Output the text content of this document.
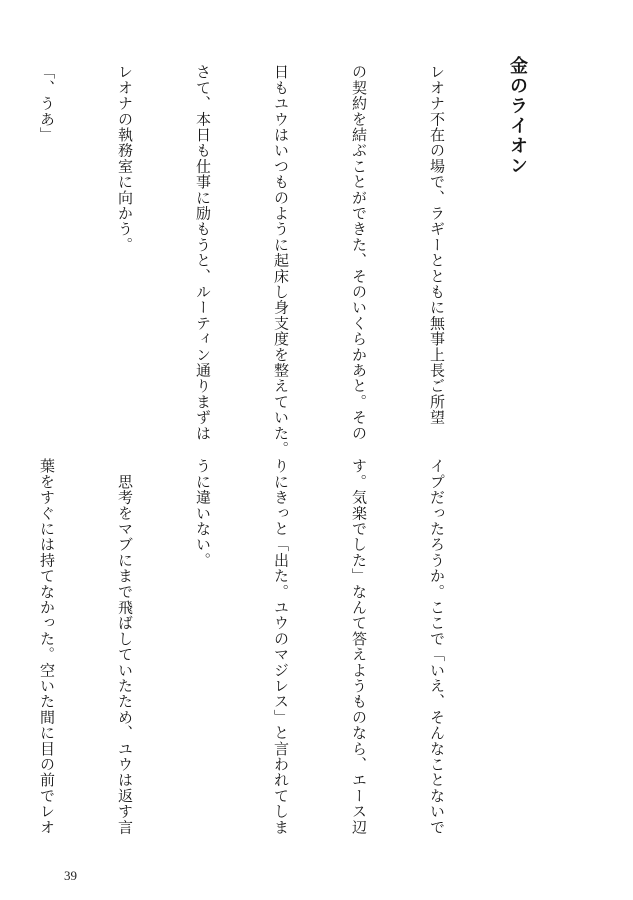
金のライオン

レオナ不在の場で、ラギーとともに無事上長ご所望

の契約を結ぶことができた、そのいくらかあと。その

日もユウはいつものように起床し身支度を整えていた。

さて、本日も仕事に励もうと、ルーティン通りまずは

レオナの執務室に向かう。

「、うあ」

イプだったろうか。ここで「いえ、そんなことないで

す。気楽でした」なんて答えようものなら、エース辺

りにきっと「出た。ユウのマジレス」と言われてしま

うに違いない。

　思考をマブにまで飛ばしていたため、ユウは返す言

葉をすぐには持てなかった。空いた間に目の前でレオ

39
